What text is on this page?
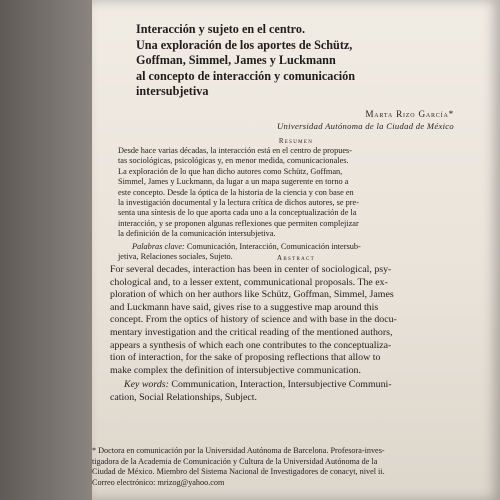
Interacción y sujeto en el centro.
Una exploración de los aportes de Schütz,
Goffman, Simmel, James y Luckmann
al concepto de interacción y comunicación
intersubjetiva
Marta Rizo García*
Universidad Autónoma de la Ciudad de México
Resumen
Desde hace varias décadas, la interacción está en el centro de propues-
tas sociológicas, psicológicas y, en menor medida, comunicacionales.
La exploración de lo que han dicho autores como Schütz, Goffman,
Simmel, James y Luckmann, da lugar a un mapa sugerente en torno a
este concepto. Desde la óptica de la historia de la ciencia y con base en
la investigación documental y la lectura crítica de dichos autores, se pre-
senta una síntesis de lo que aporta cada uno a la conceptualización de la
interacción, y se proponen algunas reflexiones que permiten complejizar
la definición de la comunicación intersubjetiva.
Palabras clave: Comunicación, Interacción, Comunicación intersub-
jetiva, Relaciones sociales, Sujeto.	Abstract
For several decades, interaction has been in center of sociological, psy-
chological and, to a lesser extent, communicational proposals. The ex-
ploration of which on her authors like Schütz, Goffman, Simmel, James
and Luckmann have said, gives rise to a suggestive map around this
concept. From the optics of history of science and with base in the docu-
mentary investigation and the critical reading of the mentioned authors,
appears a synthesis of which each one contributes to the conceptualiza-
tion of interaction, for the sake of proposing reflections that allow to
make complex the definition of intersubjective communication.
Key words: Communication, Interaction, Intersubjective Communi-
cation, Social Relationships, Subject.
* Doctora en comunicación por la Universidad Autónoma de Barcelona. Profesora-inves-
tigadora de la Academia de Comunicación y Cultura de la Universidad Autónoma de la
Ciudad de México. Miembro del Sistema Nacional de Investigadores de conacyt, nivel ii.
Correo electrónico: mrizog@yahoo.com
